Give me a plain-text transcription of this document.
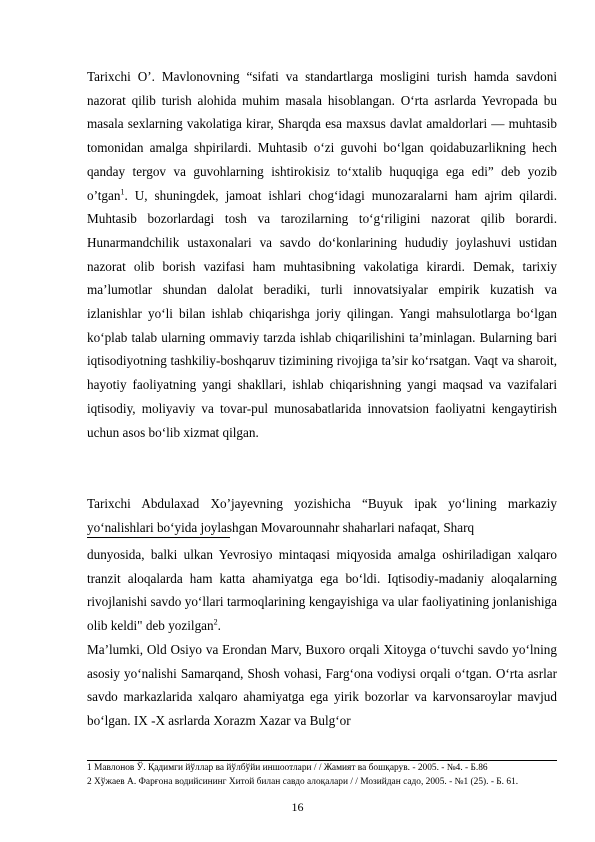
Tarixchi O’. Mavlonovning “sifati va standartlarga mosligini turish hamda savdoni nazorat qilib turish alohida muhim masala hisoblangan. O‘rta asrlarda Yevropada bu masala sexlarning vakolatiga kirar, Sharqda esa maxsus davlat amaldorlari — muhtasib tomonidan amalga shpirilardi. Muhtasib o‘zi guvohi bo‘lgan qoidabuzarlikning hech qanday tergov va guvohlarning ishtirokisiz to‘xtalib huquqiga ega edi” deb yozib o’tgan$^1$. U, shuningdek, jamoat ishlari chog‘idagi munozaralarni ham ajrim qilardi. Muhtasib bozorlardagi tosh va tarozilarning to‘g‘riligini nazorat qilib borardi. Hunarmandchilik ustaxonalari va savdo do‘konlarining hududiy joylashuvi ustidan nazorat olib borish vazifasi ham muhtasibning vakolatiga kirardi. Demak, tarixiy ma’lumotlar shundan dalolat beradiki, turli innovatsiyalar empirik kuzatish va izlanishlar yo‘li bilan ishlab chiqarishga joriy qilingan. Yangi mahsulotlarga bo‘lgan ko‘plab talab ularning ommaviy tarzda ishlab chiqarilishini ta’minlagan. Bularning bari iqtisodiyotning tashkiliy-boshqaruv tizimining rivojiga ta’sir ko‘rsatgan. Vaqt va sharoit, hayotiy faoliyatning yangi shakllari, ishlab chiqarishning yangi maqsad va vazifalari iqtisodiy, moliyaviy va tovar-pul munosabatlarida innovatsion faoliyatni kengaytirish uchun asos bo‘lib xizmat qilgan.

Tarixchi Abdulaxad Xo’jayevning yozishicha “Buyuk ipak yo‘lining markaziy yo‘nalishlari bo‘yida joylashgan Movarounnahr shaharlari nafaqat, Sharq

dunyosida, balki ulkan Yevrosiyo mintaqasi miqyosida amalga oshiriladigan xalqaro tranzit aloqalarda ham katta ahamiyatga ega bo‘ldi. Iqtisodiy-madaniy aloqalarning rivojlanishi savdo yo‘llari tarmoqlarining kengayishiga va ular faoliyatining jonlanishiga olib keldi" deb yozilgan$^2$.

Ma’lumki, Old Osiyo va Erondan Marv, Buxoro orqali Xitoyga o‘tuvchi savdo yo‘lning asosiy yo‘nalishi Samarqand, Shosh vohasi, Farg‘ona vodiysi orqali o‘tgan. O‘rta asrlar savdo markazlarida xalqaro ahamiyatga ega yirik bozorlar va karvonsaroylar mavjud bo‘lgan. IX -X asrlarda Xorazm Xazar va Bulg‘or

1 Мавлонов Ў. Қадимги йўллар ва йўлбўйи иншоотлари / / Жамият ва бошқарув. - 2005. - №4. - Б.86

2 Хўжаев А. Фарғона водийсининг Хитой билан савдо алоқалари / / Мозийдан садо, 2005. - №1 (25). - Б. 61.

16
